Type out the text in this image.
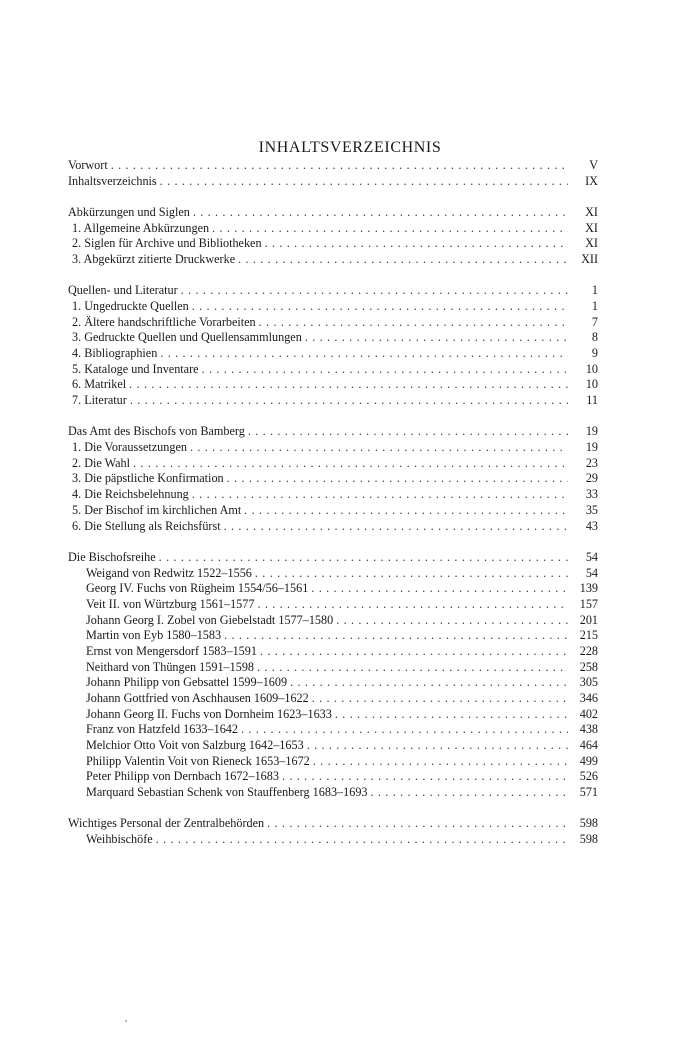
INHALTSVERZEICHNIS
Vorwort . . .	V
Inhaltsverzeichnis . . .	IX
Abkürzungen und Siglen . . .	XI
1. Allgemeine Abkürzungen . . .	XI
2. Siglen für Archive und Bibliotheken . . .	XI
3. Abgekürzt zitierte Druckwerke . . .	XII
Quellen- und Literatur . . .	1
1. Ungedruckte Quellen . . .	1
2. Ältere handschriftliche Vorarbeiten . . .	7
3. Gedruckte Quellen und Quellensammlungen . . .	8
4. Bibliographien . . .	9
5. Kataloge und Inventare . . .	10
6. Matrikel . . .	10
7. Literatur . . .	11
Das Amt des Bischofs von Bamberg . . .	19
1. Die Voraussetzungen . . .	19
2. Die Wahl . . .	23
3. Die päpstliche Konfirmation . . .	29
4. Die Reichsbelehnung . . .	33
5. Der Bischof im kirchlichen Amt . . .	35
6. Die Stellung als Reichsfürst . . .	43
Die Bischofsreihe . . .	54
Weigand von Redwitz 1522–1556 . . .	54
Georg IV. Fuchs von Rügheim 1554/56–1561 . . .	139
Veit II. von Würtzburg 1561–1577 . . .	157
Johann Georg I. Zobel von Giebelstadt 1577–1580 . . .	201
Martin von Eyb 1580–1583 . . .	215
Ernst von Mengersdorf 1583–1591 . . .	228
Neithard von Thüngen 1591–1598 . . .	258
Johann Philipp von Gebsattel 1599–1609 . . .	305
Johann Gottfried von Aschhausen 1609–1622 . . .	346
Johann Georg II. Fuchs von Dornheim 1623–1633 . . .	402
Franz von Hatzfeld 1633–1642 . . .	438
Melchior Otto Voit von Salzburg 1642–1653 . . .	464
Philipp Valentin Voit von Rieneck 1653–1672 . . .	499
Peter Philipp von Dernbach 1672–1683 . . .	526
Marquard Sebastian Schenk von Stauffenberg 1683–1693 . . .	571
Wichtiges Personal der Zentralbehörden . . .	598
Weihbischöfe . . .	598
